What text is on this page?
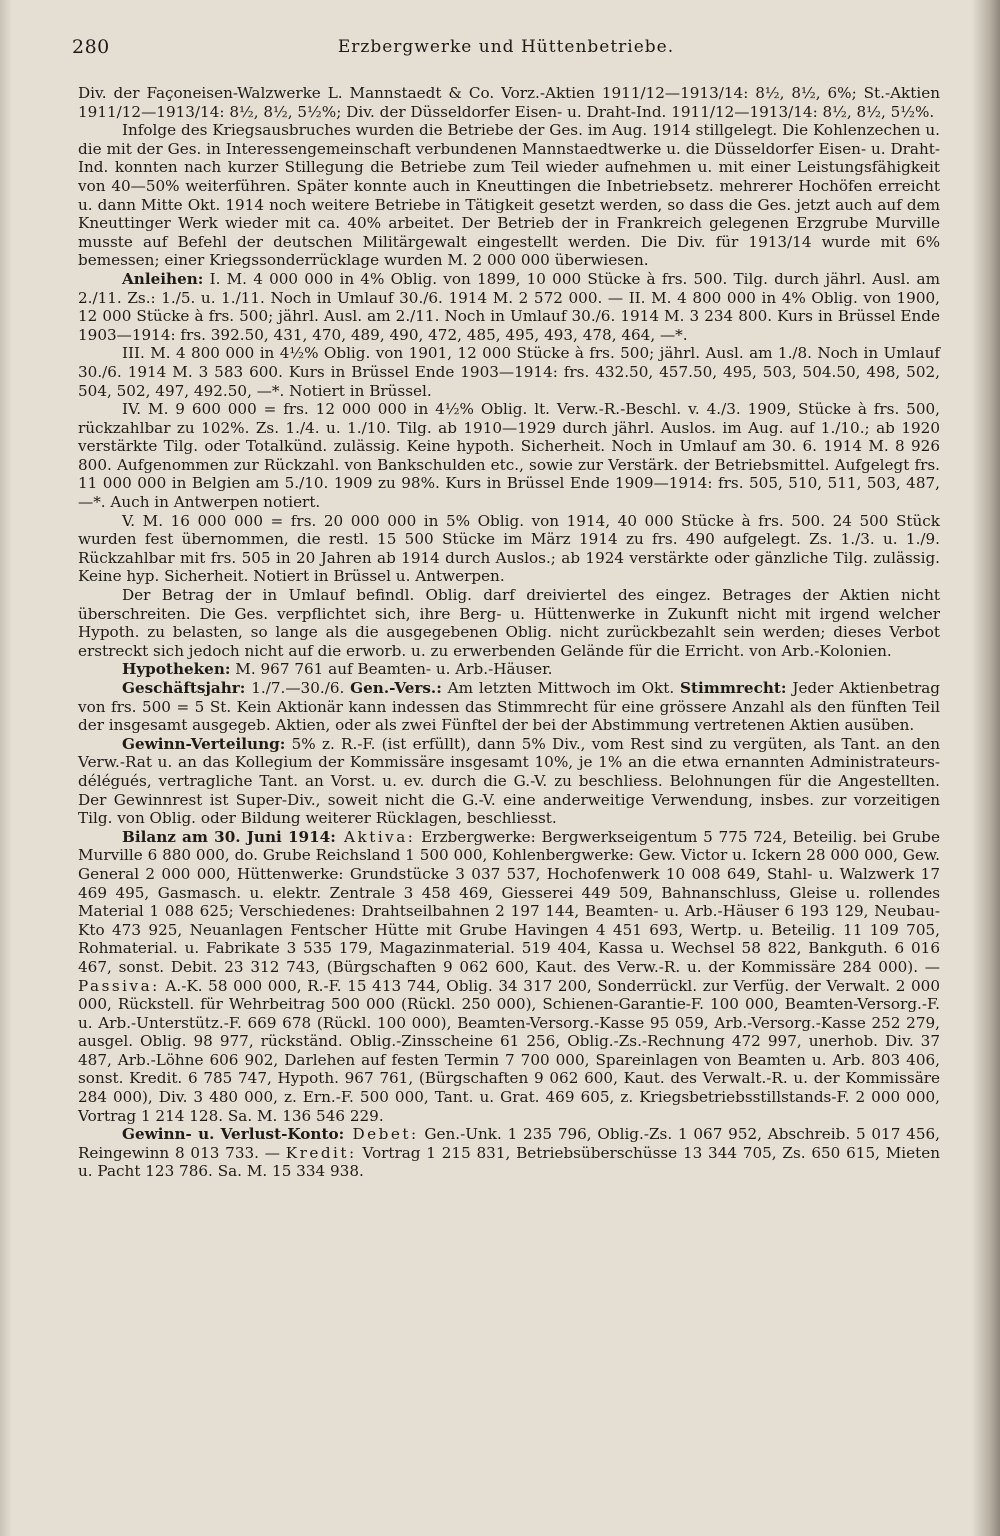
280	Erzbergwerke und Hüttenbetriebe.

Div. der Façoneisen-Walzwerke L. Mannstaedt & Co. Vorz.-Aktien 1911/12—1913/14: 8½, 8½, 6%; St.-Aktien 1911/12—1913/14: 8½, 8½, 5½%; Div. der Düsseldorfer Eisen- u. Draht-Ind. 1911/12—1913/14: 8½, 8½, 5½%.

Infolge des Kriegsausbruches wurden die Betriebe der Ges. im Aug. 1914 stillgelegt. Die Kohlenzechen u. die mit der Ges. in Interessengemeinschaft verbundenen Mannstaedtwerke u. die Düsseldorfer Eisen- u. Draht-Ind. konnten nach kurzer Stillegung die Betriebe zum Teil wieder aufnehmen u. mit einer Leistungsfähigkeit von 40—50% weiterführen. Später konnte auch in Kneuttingen die Inbetriebsetz. mehrerer Hochöfen erreicht u. dann Mitte Okt. 1914 noch weitere Betriebe in Tätigkeit gesetzt werden, so dass die Ges. jetzt auch auf dem Kneuttinger Werk wieder mit ca. 40% arbeitet. Der Betrieb der in Frankreich gelegenen Erzgrube Murville musste auf Befehl der deutschen Militärgewalt eingestellt werden. Die Div. für 1913/14 wurde mit 6% bemessen; einer Kriegssonderrücklage wurden M. 2 000 000 überwiesen.

Anleihen: I. M. 4 000 000 in 4% Oblig. von 1899, 10 000 Stücke à frs. 500. Tilg. durch jährl. Ausl. am 2./11. Zs.: 1./5. u. 1./11. Noch in Umlauf 30./6. 1914 M. 2 572 000. — II. M. 4 800 000 in 4% Oblig. von 1900, 12 000 Stücke à frs. 500; jährl. Ausl. am 2./11. Noch in Umlauf 30./6. 1914 M. 3 234 800. Kurs in Brüssel Ende 1903—1914: frs. 392.50, 431, 470, 489, 490, 472, 485, 495, 493, 478, 464, —*.

III. M. 4 800 000 in 4½% Oblig. von 1901, 12 000 Stücke à frs. 500; jährl. Ausl. am 1./8. Noch in Umlauf 30./6. 1914 M. 3 583 600. Kurs in Brüssel Ende 1903—1914: frs. 432.50, 457.50, 495, 503, 504.50, 498, 502, 504, 502, 497, 492.50, —*. Notiert in Brüssel.

IV. M. 9 600 000 = frs. 12 000 000 in 4½% Oblig. lt. Verw.-R.-Beschl. v. 4./3. 1909, Stücke à frs. 500, rückzahlbar zu 102%. Zs. 1./4. u. 1./10. Tilg. ab 1910—1929 durch jährl. Auslos. im Aug. auf 1./10.; ab 1920 verstärkte Tilg. oder Totalkünd. zulässig. Keine hypoth. Sicherheit. Noch in Umlauf am 30. 6. 1914 M. 8 926 800. Aufgenommen zur Rückzahl. von Bankschulden etc., sowie zur Verstärk. der Betriebsmittel. Aufgelegt frs. 11 000 000 in Belgien am 5./10. 1909 zu 98%. Kurs in Brüssel Ende 1909—1914: frs. 505, 510, 511, 503, 487, —*. Auch in Antwerpen notiert.

V. M. 16 000 000 = frs. 20 000 000 in 5% Oblig. von 1914, 40 000 Stücke à frs. 500. 24 500 Stück wurden fest übernommen, die restl. 15 500 Stücke im März 1914 zu frs. 490 aufgelegt. Zs. 1./3. u. 1./9. Rückzahlbar mit frs. 505 in 20 Jahren ab 1914 durch Auslos.; ab 1924 verstärkte oder gänzliche Tilg. zulässig. Keine hyp. Sicherheit. Notiert in Brüssel u. Antwerpen.

Der Betrag der in Umlauf befindl. Oblig. darf dreiviertel des eingez. Betrages der Aktien nicht überschreiten. Die Ges. verpflichtet sich, ihre Berg- u. Hüttenwerke in Zukunft nicht mit irgend welcher Hypoth. zu belasten, so lange als die ausgegebenen Oblig. nicht zurückbezahlt sein werden; dieses Verbot erstreckt sich jedoch nicht auf die erworb. u. zu erwerbenden Gelände für die Erricht. von Arb.-Kolonien.

Hypotheken: M. 967 761 auf Beamten- u. Arb.-Häuser.

Geschäftsjahr: 1./7.—30./6. Gen.-Vers.: Am letzten Mittwoch im Okt. Stimmrecht: Jeder Aktienbetrag von frs. 500 = 5 St. Kein Aktionär kann indessen das Stimmrecht für eine grössere Anzahl als den fünften Teil der insgesamt ausgegeb. Aktien, oder als zwei Fünftel der bei der Abstimmung vertretenen Aktien ausüben.

Gewinn-Verteilung: 5% z. R.-F. (ist erfüllt), dann 5% Div., vom Rest sind zu vergüten, als Tant. an den Verw.-Rat u. an das Kollegium der Kommissäre insgesamt 10%, je 1% an die etwa ernannten Administrateurs-délégués, vertragliche Tant. an Vorst. u. ev. durch die G.-V. zu beschliess. Belohnungen für die Angestellten. Der Gewinnrest ist Super-Div., soweit nicht die G.-V. eine anderweitige Verwendung, insbes. zur vorzeitigen Tilg. von Oblig. oder Bildung weiterer Rücklagen, beschliesst.

Bilanz am 30. Juni 1914: Aktiva: Erzbergwerke: Bergwerkseigentum 5 775 724, Beteilig. bei Grube Murville 6 880 000, do. Grube Reichsland 1 500 000, Kohlenbergwerke: Gew. Victor u. Ickern 28 000 000, Gew. General 2 000 000, Hüttenwerke: Grundstücke 3 037 537, Hochofenwerk 10 008 649, Stahl- u. Walzwerk 17 469 495, Gasmasch. u. elektr. Zentrale 3 458 469, Giesserei 449 509, Bahnanschluss, Gleise u. rollendes Material 1 088 625; Verschiedenes: Drahtseilbahnen 2 197 144, Beamten- u. Arb.-Häuser 6 193 129, Neubau-Kto 473 925, Neuanlagen Fentscher Hütte mit Grube Havingen 4 451 693, Wertp. u. Beteilig. 11 109 705, Rohmaterial. u. Fabrikate 3 535 179, Magazinmaterial. 519 404, Kassa u. Wechsel 58 822, Bankguth. 6 016 467, sonst. Debit. 23 312 743, (Bürgschaften 9 062 600, Kaut. des Verw.-R. u. der Kommissäre 284 000). — Passiva: A.-K. 58 000 000, R.-F. 15 413 744, Oblig. 34 317 200, Sonderrückl. zur Verfüg. der Verwalt. 2 000 000, Rückstell. für Wehrbeitrag 500 000 (Rückl. 250 000), Schienen-Garantie-F. 100 000, Beamten-Versorg.-F. u. Arb.-Unterstütz.-F. 669 678 (Rückl. 100 000), Beamten-Versorg.-Kasse 95 059, Arb.-Versorg.-Kasse 252 279, ausgel. Oblig. 98 977, rückständ. Oblig.-Zinsscheine 61 256, Oblig.-Zs.-Rechnung 472 997, unerhob. Div. 37 487, Arb.-Löhne 606 902, Darlehen auf festen Termin 7 700 000, Spareinlagen von Beamten u. Arb. 803 406, sonst. Kredit. 6 785 747, Hypoth. 967 761, (Bürgschaften 9 062 600, Kaut. des Verwalt.-R. u. der Kommissäre 284 000), Div. 3 480 000, z. Ern.-F. 500 000, Tant. u. Grat. 469 605, z. Kriegsbetriebsstillstands-F. 2 000 000, Vortrag 1 214 128. Sa. M. 136 546 229.

Gewinn- u. Verlust-Konto: Debet: Gen.-Unk. 1 235 796, Oblig.-Zs. 1 067 952, Abschreib. 5 017 456, Reingewinn 8 013 733. — Kredit: Vortrag 1 215 831, Betriebsüberschüsse 13 344 705, Zs. 650 615, Mieten u. Pacht 123 786. Sa. M. 15 334 938.
